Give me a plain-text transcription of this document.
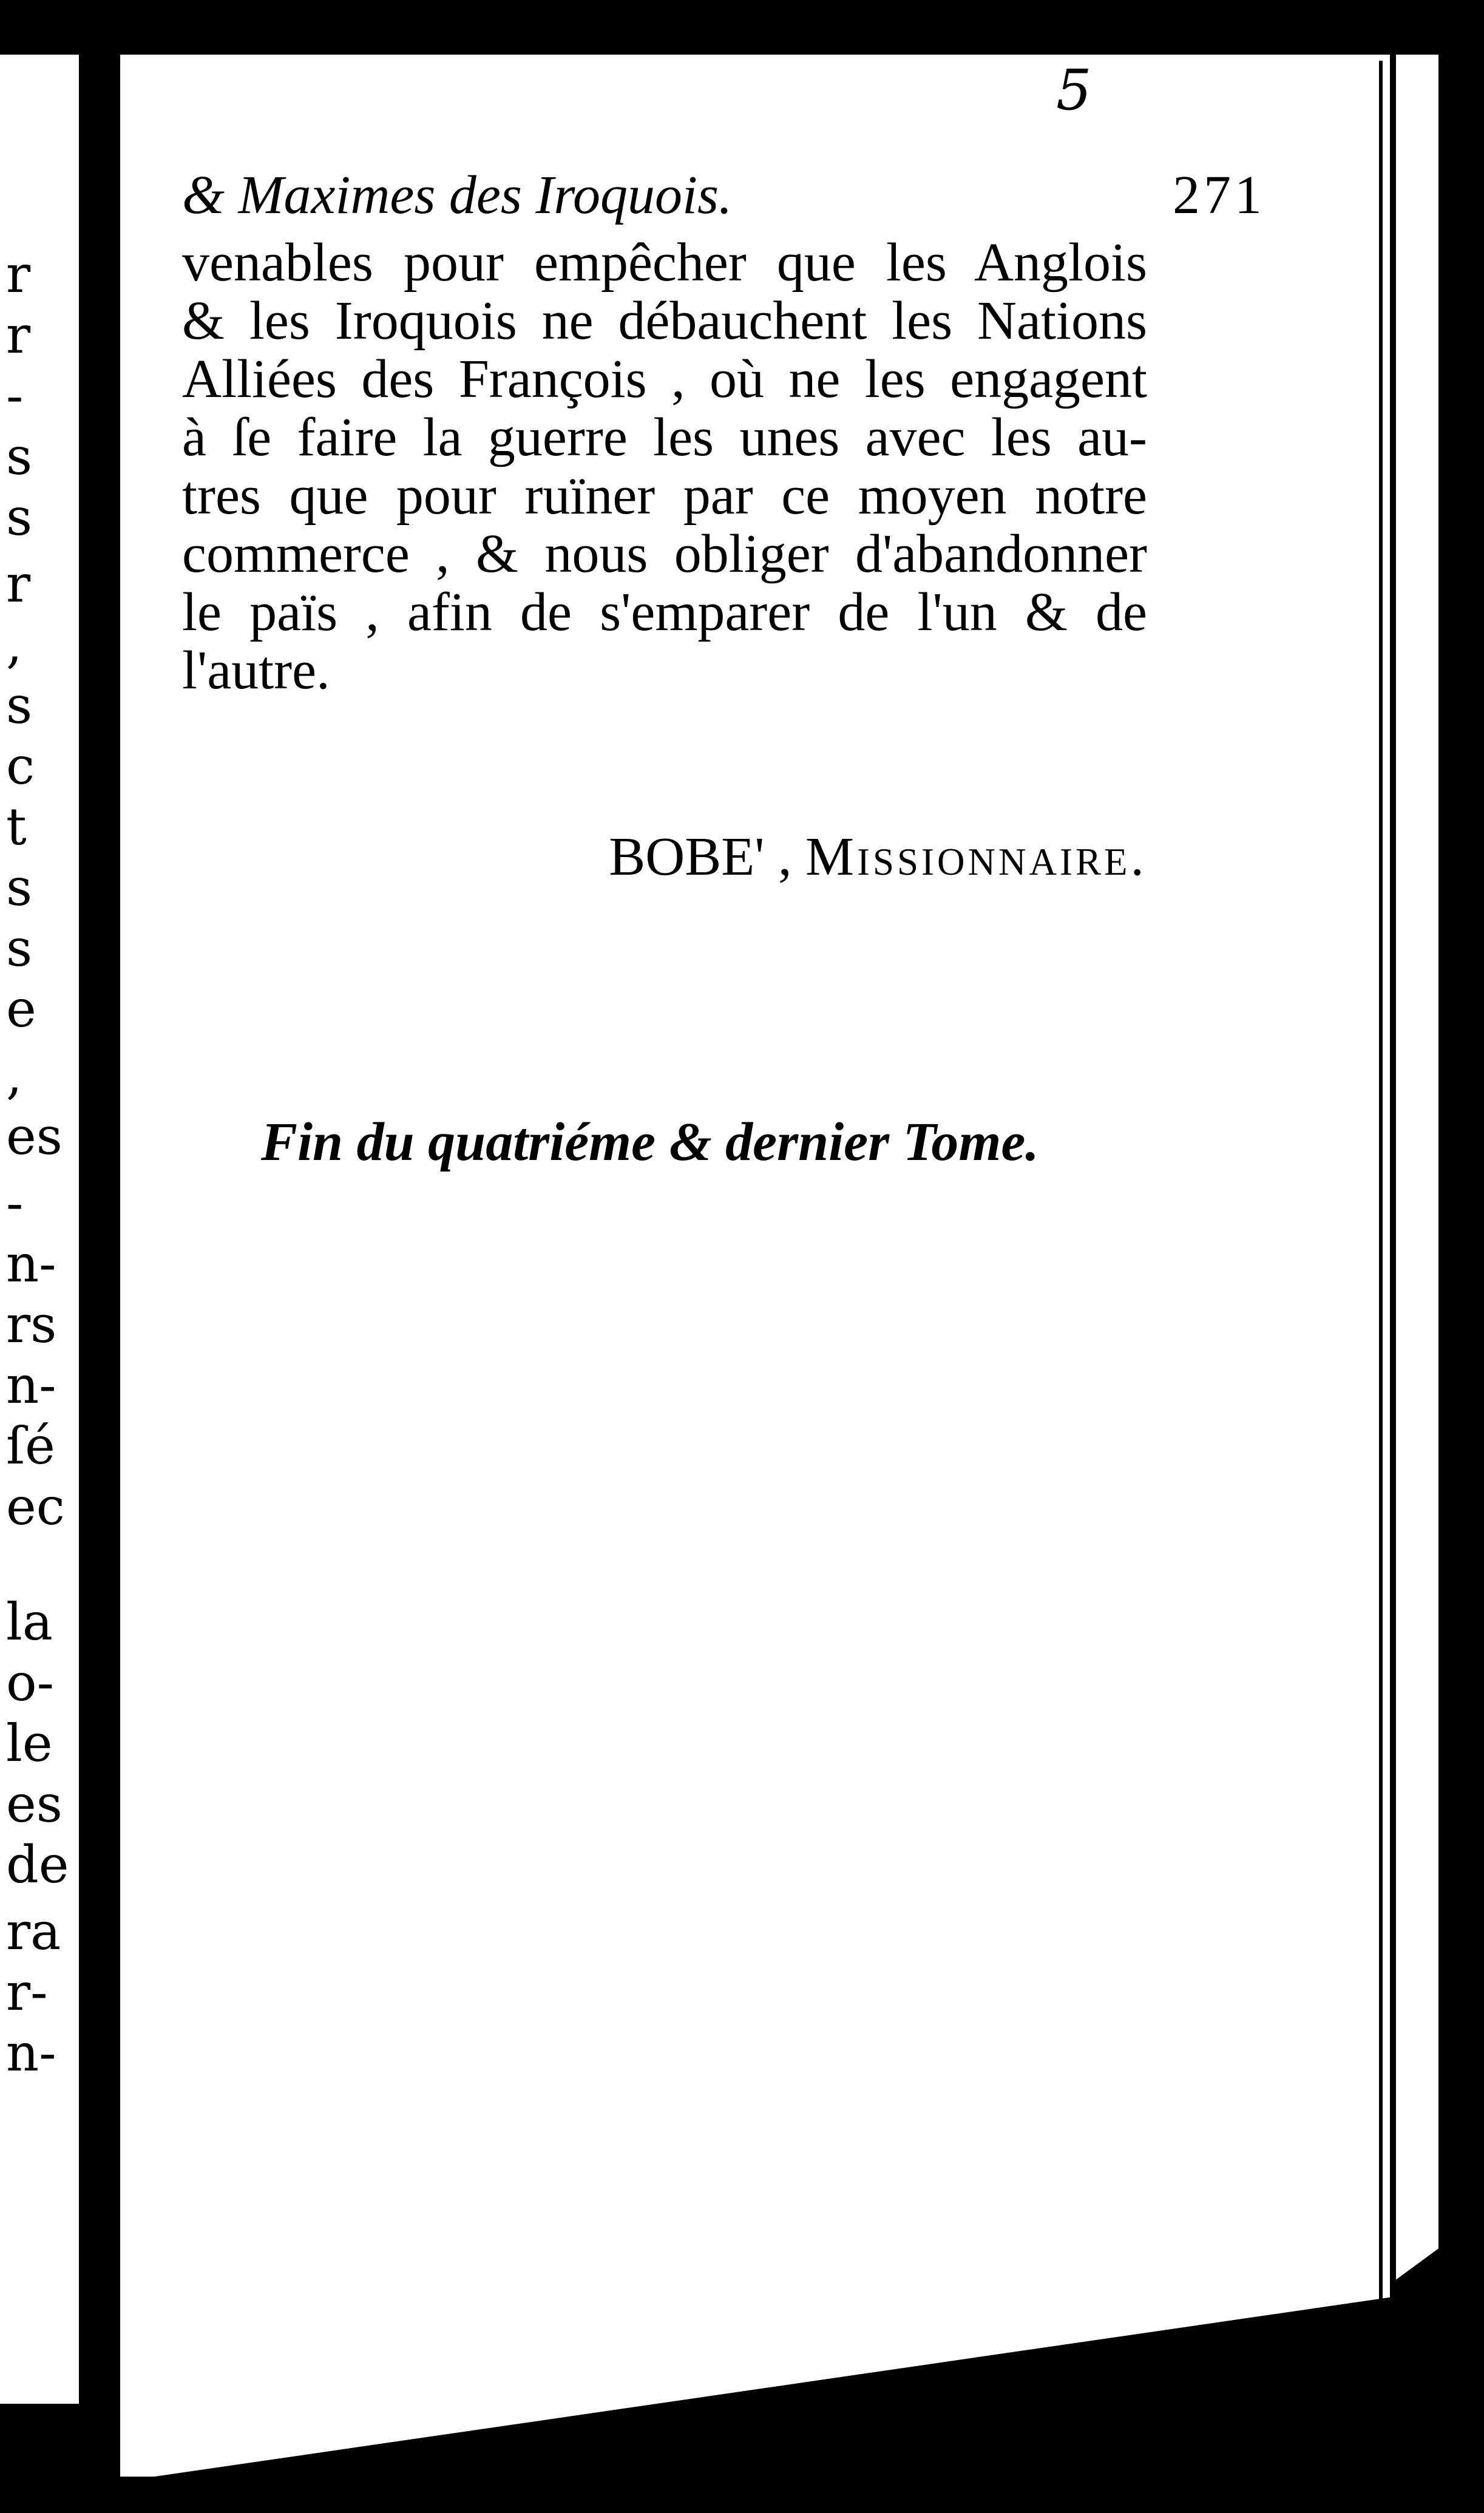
r
r
-
s
s
r
,
s
c
t
s
s
e
,
es
-
n-
rs
n-
ſé
ec
la
o-
le
es
de
ra
r-
n-
5
& Maximes des Iroquois.	271
venables pour empêcher que les Anglois
& les Iroquois ne débauchent les Nations
Alliées des François , où ne les engagent
à ſe faire la guerre les unes avec les au-
tres que pour ruïner par ce moyen notre
commerce , & nous obliger d'abandonner
le païs , afin de s'emparer de l'un & de
l'autre.
BOBE' , Missionnaire.
Fin du quatriéme & dernier Tome.
